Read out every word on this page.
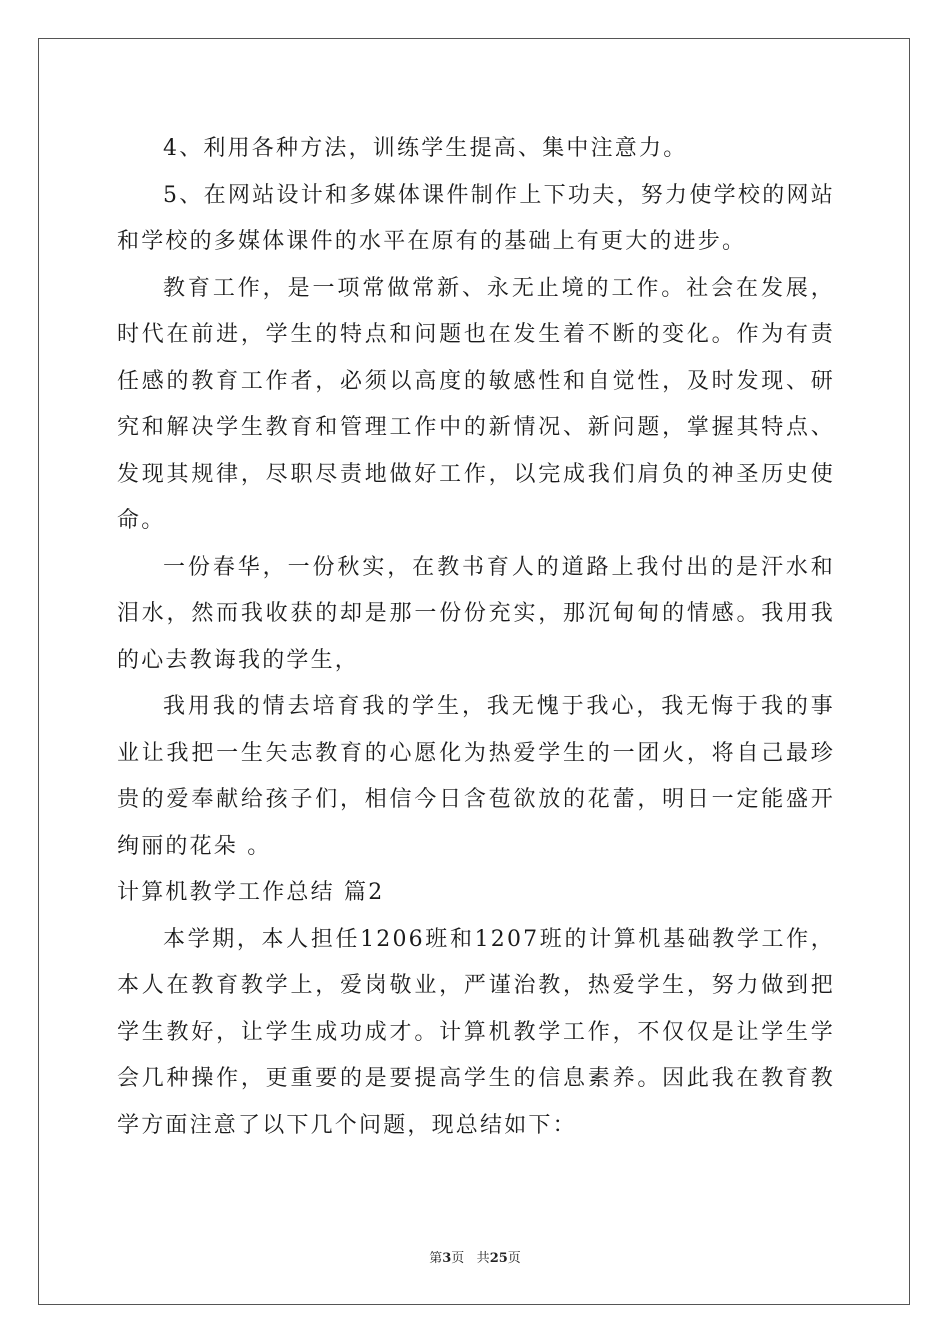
4、利用各种方法，训练学生提高、集中注意力。

5、在网站设计和多媒体课件制作上下功夫，努力使学校的网站和学校的多媒体课件的水平在原有的基础上有更大的进步。

教育工作，是一项常做常新、永无止境的工作。社会在发展，时代在前进，学生的特点和问题也在发生着不断的变化。作为有责任感的教育工作者，必须以高度的敏感性和自觉性，及时发现、研究和解决学生教育和管理工作中的新情况、新问题，掌握其特点、发现其规律，尽职尽责地做好工作，以完成我们肩负的神圣历史使命。

一份春华，一份秋实，在教书育人的道路上我付出的是汗水和泪水，然而我收获的却是那一份份充实，那沉甸甸的情感。我用我的心去教诲我的学生，

我用我的情去培育我的学生，我无愧于我心，我无悔于我的事业让我把一生矢志教育的心愿化为热爱学生的一团火，将自己最珍贵的爱奉献给孩子们，相信今日含苞欲放的花蕾，明日一定能盛开绚丽的花朵 。

计算机教学工作总结 篇2

本学期，本人担任1206班和1207班的计算机基础教学工作，本人在教育教学上，爱岗敬业，严谨治教，热爱学生，努力做到把学生教好，让学生成功成才。计算机教学工作，不仅仅是让学生学会几种操作，更重要的是要提高学生的信息素养。因此我在教育教学方面注意了以下几个问题，现总结如下：

第3页 共25页
